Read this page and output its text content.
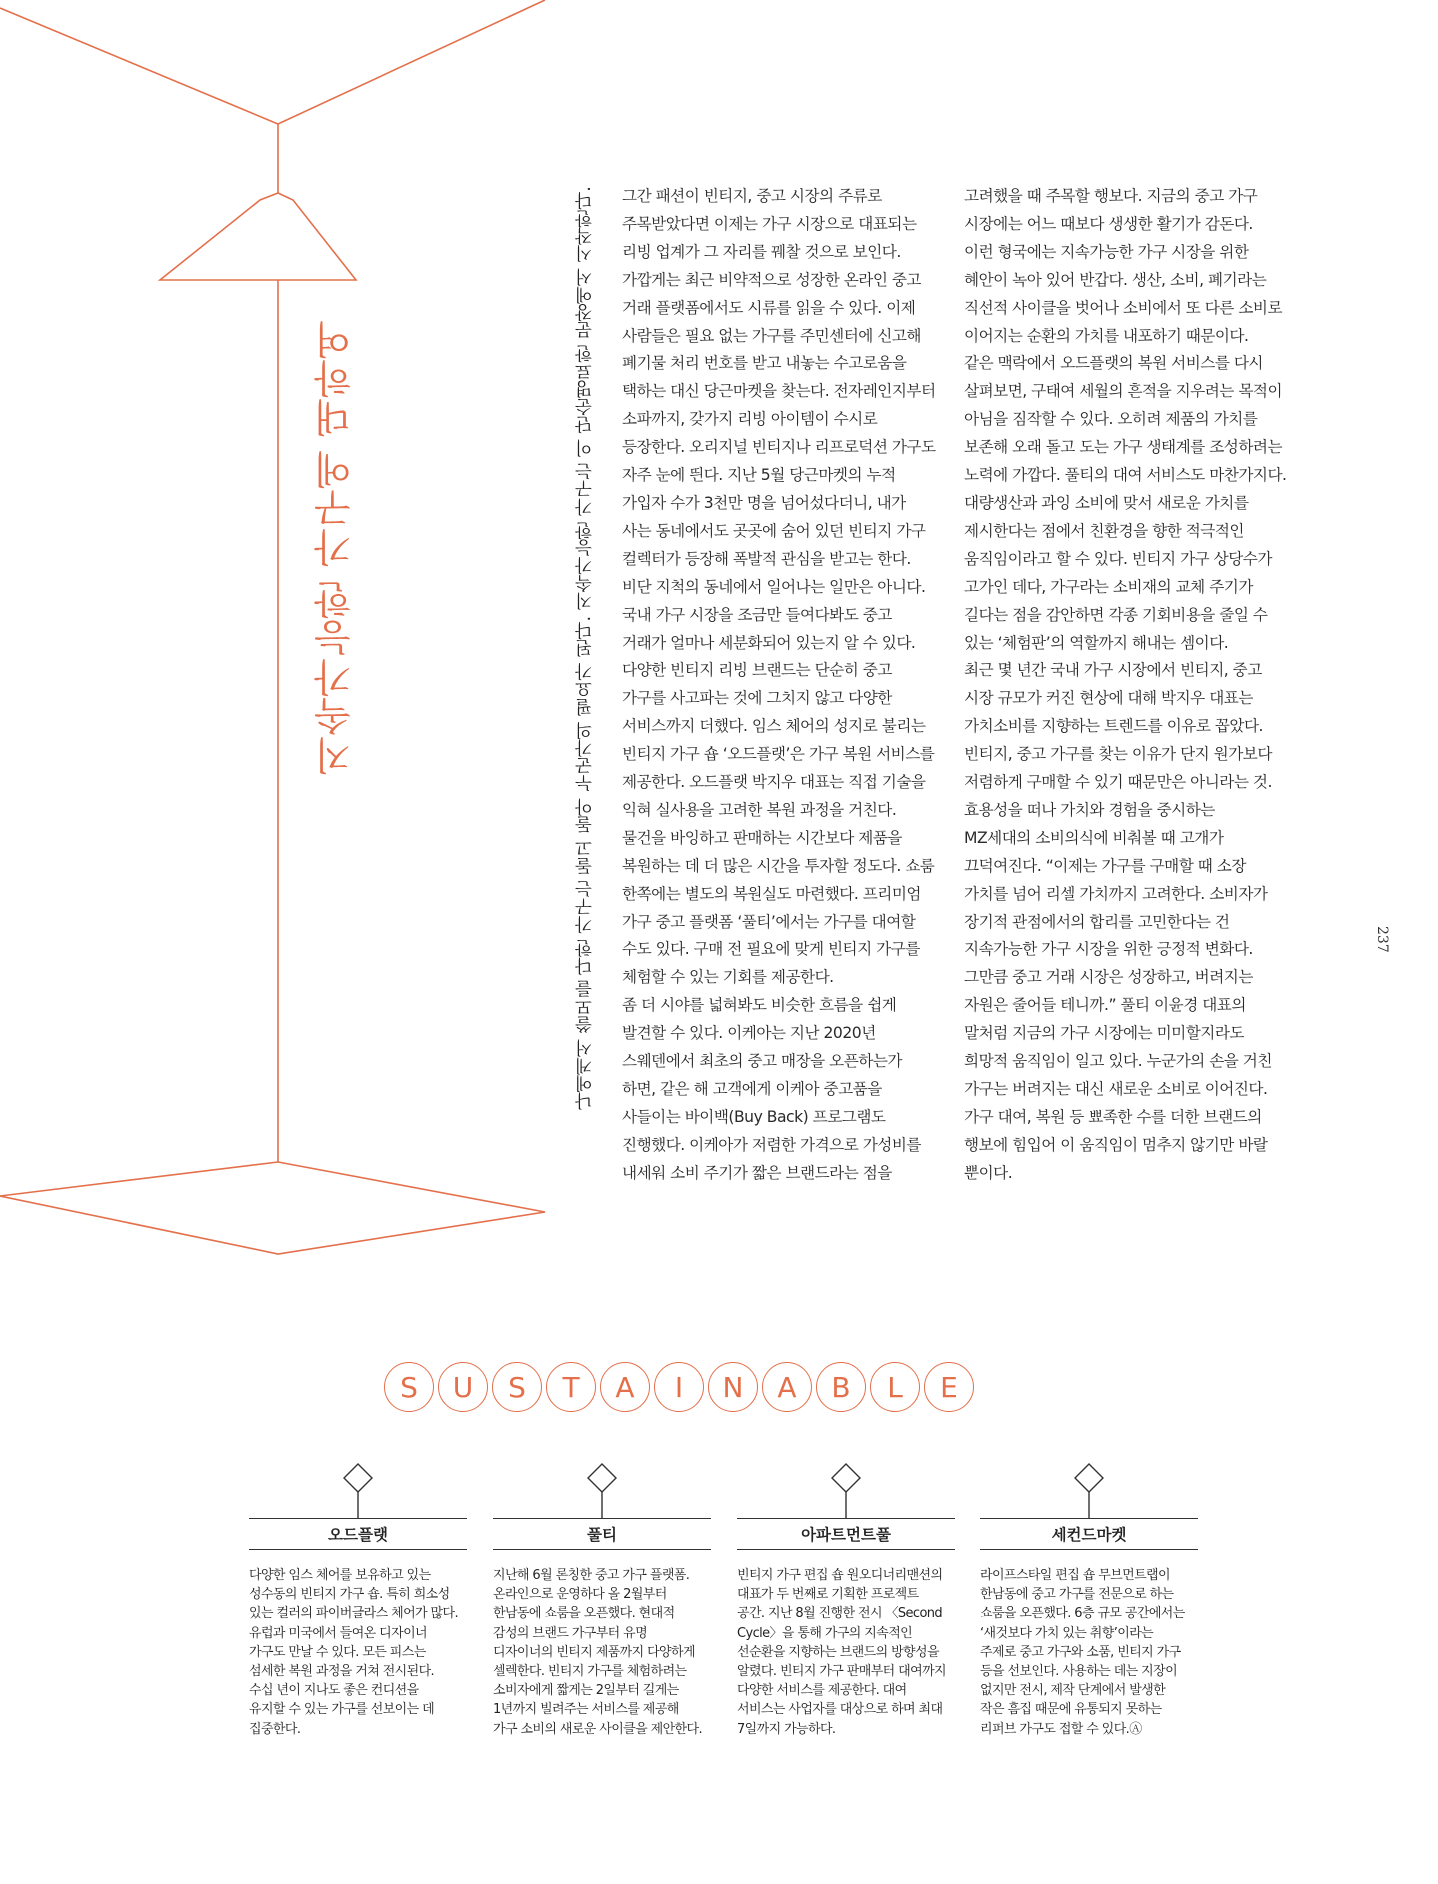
지속가능한 가구에 대하여	나에게서 쓸모를 다한 가구는 돌고 돌아 누군가의 필요가 된다. 지속가능한 가구는 이 단순명료한 문장에서 시작한다. 그간 패션이 빈티지, 중고 시장의 주류로

주목받았다면 이제는 가구 시장으로 대표되는

리빙 업계가 그 자리를 꿰찰 것으로 보인다.

가깝게는 최근 비약적으로 성장한 온라인 중고

거래 플랫폼에서도 시류를 읽을 수 있다. 이제

사람들은 필요 없는 가구를 주민센터에 신고해

폐기물 처리 번호를 받고 내놓는 수고로움을

택하는 대신 당근마켓을 찾는다. 전자레인지부터

소파까지, 갖가지 리빙 아이템이 수시로

등장한다. 오리지널 빈티지나 리프로덕션 가구도

자주 눈에 띈다. 지난 5월 당근마켓의 누적

가입자 수가 3천만 명을 넘어섰다더니, 내가

사는 동네에서도 곳곳에 숨어 있던 빈티지 가구

컬렉터가 등장해 폭발적 관심을 받고는 한다.

비단 지척의 동네에서 일어나는 일만은 아니다.

국내 가구 시장을 조금만 들여다봐도 중고

거래가 얼마나 세분화되어 있는지 알 수 있다.

다양한 빈티지 리빙 브랜드는 단순히 중고

가구를 사고파는 것에 그치지 않고 다양한

서비스까지 더했다. 임스 체어의 성지로 불리는

빈티지 가구 숍 ‘오드플랫’은 가구 복원 서비스를

제공한다. 오드플랫 박지우 대표는 직접 기술을

익혀 실사용을 고려한 복원 과정을 거친다.

물건을 바잉하고 판매하는 시간보다 제품을

복원하는 데 더 많은 시간을 투자할 정도다. 쇼룸

한쪽에는 별도의 복원실도 마련했다. 프리미엄

가구 중고 플랫폼 ‘풀티’에서는 가구를 대여할

수도 있다. 구매 전 필요에 맞게 빈티지 가구를

체험할 수 있는 기회를 제공한다.

좀 더 시야를 넓혀봐도 비슷한 흐름을 쉽게

발견할 수 있다. 이케아는 지난 2020년

스웨덴에서 최초의 중고 매장을 오픈하는가

하면, 같은 해 고객에게 이케아 중고품을

사들이는 바이백(Buy Back) 프로그램도

진행했다. 이케아가 저렴한 가격으로 가성비를

내세워 소비 주기가 짧은 브랜드라는 점을

고려했을 때 주목할 행보다. 지금의 중고 가구

시장에는 어느 때보다 생생한 활기가 감돈다.

이런 형국에는 지속가능한 가구 시장을 위한

혜안이 녹아 있어 반갑다. 생산, 소비, 폐기라는

직선적 사이클을 벗어나 소비에서 또 다른 소비로

이어지는 순환의 가치를 내포하기 때문이다.

같은 맥락에서 오드플랫의 복원 서비스를 다시

살펴보면, 구태여 세월의 흔적을 지우려는 목적이

아님을 짐작할 수 있다. 오히려 제품의 가치를

보존해 오래 돌고 도는 가구 생태계를 조성하려는

노력에 가깝다. 풀티의 대여 서비스도 마찬가지다.

대량생산과 과잉 소비에 맞서 새로운 가치를

제시한다는 점에서 친환경을 향한 적극적인

움직임이라고 할 수 있다. 빈티지 가구 상당수가

고가인 데다, 가구라는 소비재의 교체 주기가

길다는 점을 감안하면 각종 기회비용을 줄일 수

있는 ‘체험판’의 역할까지 해내는 셈이다.

최근 몇 년간 국내 가구 시장에서 빈티지, 중고

시장 규모가 커진 현상에 대해 박지우 대표는

가치소비를 지향하는 트렌드를 이유로 꼽았다.

빈티지, 중고 가구를 찾는 이유가 단지 원가보다

저렴하게 구매할 수 있기 때문만은 아니라는 것.

효용성을 떠나 가치와 경험을 중시하는

MZ세대의 소비의식에 비춰볼 때 고개가

끄덕여진다. “이제는 가구를 구매할 때 소장

가치를 넘어 리셀 가치까지 고려한다. 소비자가

장기적 관점에서의 합리를 고민한다는 건

지속가능한 가구 시장을 위한 긍정적 변화다.

그만큼 중고 거래 시장은 성장하고, 버려지는

자원은 줄어들 테니까.” 풀티 이윤경 대표의

말처럼 지금의 가구 시장에는 미미할지라도

희망적 움직임이 일고 있다. 누군가의 손을 거친

가구는 버려지는 대신 새로운 소비로 이어진다.

가구 대여, 복원 등 뾰족한 수를 더한 브랜드의

행보에 힘입어 이 움직임이 멈추지 않기만 바랄

뿐이다.

237
S	U	S	T	A	I	N	A	B	L	E
오드플랫
다양한 임스 체어를 보유하고 있는
성수동의 빈티지 가구 숍. 특히 희소성
있는 컬러의 파이버글라스 체어가 많다.
유럽과 미국에서 들여온 디자이너
가구도 만날 수 있다. 모든 피스는
섬세한 복원 과정을 거쳐 전시된다.
수십 년이 지나도 좋은 컨디션을
유지할 수 있는 가구를 선보이는 데
집중한다.
풀티
지난해 6월 론칭한 중고 가구 플랫폼.
온라인으로 운영하다 올 2월부터
한남동에 쇼룸을 오픈했다. 현대적
감성의 브랜드 가구부터 유명
디자이너의 빈티지 제품까지 다양하게
셀렉한다. 빈티지 가구를 체험하려는
소비자에게 짧게는 2일부터 길게는
1년까지 빌려주는 서비스를 제공해
가구 소비의 새로운 사이클을 제안한다.
아파트먼트풀
빈티지 가구 편집 숍 원오디너리맨션의
대표가 두 번째로 기획한 프로젝트
공간. 지난 8월 진행한 전시 〈Second
Cycle〉을 통해 가구의 지속적인
선순환을 지향하는 브랜드의 방향성을
알렸다. 빈티지 가구 판매부터 대여까지
다양한 서비스를 제공한다. 대여
서비스는 사업자를 대상으로 하며 최대
7일까지 가능하다.
세컨드마켓
라이프스타일 편집 숍 무브먼트랩이
한남동에 중고 가구를 전문으로 하는
쇼룸을 오픈했다. 6층 규모 공간에서는
‘새것보다 가치 있는 취향’이라는
주제로 중고 가구와 소품, 빈티지 가구
등을 선보인다. 사용하는 데는 지장이
없지만 전시, 제작 단계에서 발생한
작은 흠집 때문에 유통되지 못하는
리퍼브 가구도 접할 수 있다.Ⓐ
